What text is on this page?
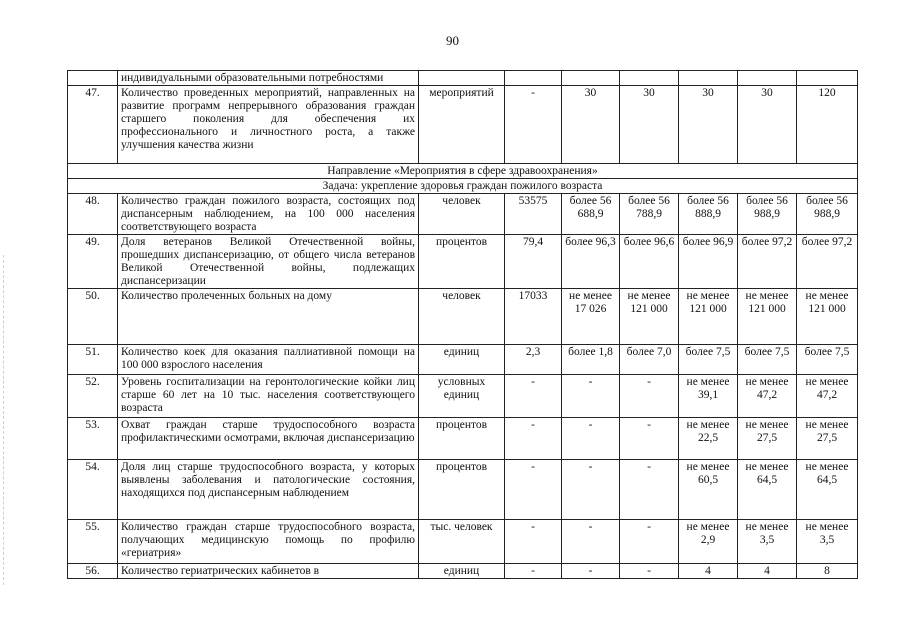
90
	индивидуальными образовательными потребностями							
47.	Количество проведенных мероприятий, направленных на развитие программ непрерывного образования граждан старшего поколения для обеспечения их профессионального и личностного роста, а также улучшения качества жизни	мероприятий	-	30	30	30	30	120
Направление «Мероприятия в сфере здравоохранения»								
Задача: укрепление здоровья граждан пожилого возраста								
48.	Количество граждан пожилого возраста, состоящих под диспансерным наблюдением, на 100 000 населения соответствующего возраста	человек	53575	более 56 688,9	более 56 788,9	более 56 888,9	более 56 988,9	более 56 988,9
49.	Доля ветеранов Великой Отечественной войны, прошедших диспансеризацию, от общего числа ветеранов Великой Отечественной войны, подлежащих диспансеризации	процентов	79,4	более 96,3	более 96,6	более 96,9	более 97,2	более 97,2
50.	Количество пролеченных больных на дому	человек	17033	не менее 17 026	не менее 121 000	не менее 121 000	не менее 121 000	не менее 121 000
51.	Количество коек для оказания паллиативной помощи на 100 000 взрослого населения	единиц	2,3	более 1,8	более 7,0	более 7,5	более 7,5	более 7,5
52.	Уровень госпитализации на геронтологические койки лиц старше 60 лет на 10 тыс. населения соответствующего возраста	условных единиц	-	-	-	не менее 39,1	не менее 47,2	не менее 47,2
53.	Охват граждан старше трудоспособного возраста профилактическими осмотрами, включая диспансеризацию	процентов	-	-	-	не менее 22,5	не менее 27,5	не менее 27,5
54.	Доля лиц старше трудоспособного возраста, у которых выявлены заболевания и патологические состояния, находящихся под диспансерным наблюдением	процентов	-	-	-	не менее 60,5	не менее 64,5	не менее 64,5
55.	Количество граждан старше трудоспособного возраста, получающих медицинскую помощь по профилю «гериатрия»	тыс. человек	-	-	-	не менее 2,9	не менее 3,5	не менее 3,5
56.	Количество гериатрических кабинетов в	единиц	-	-	-	4	4	8
